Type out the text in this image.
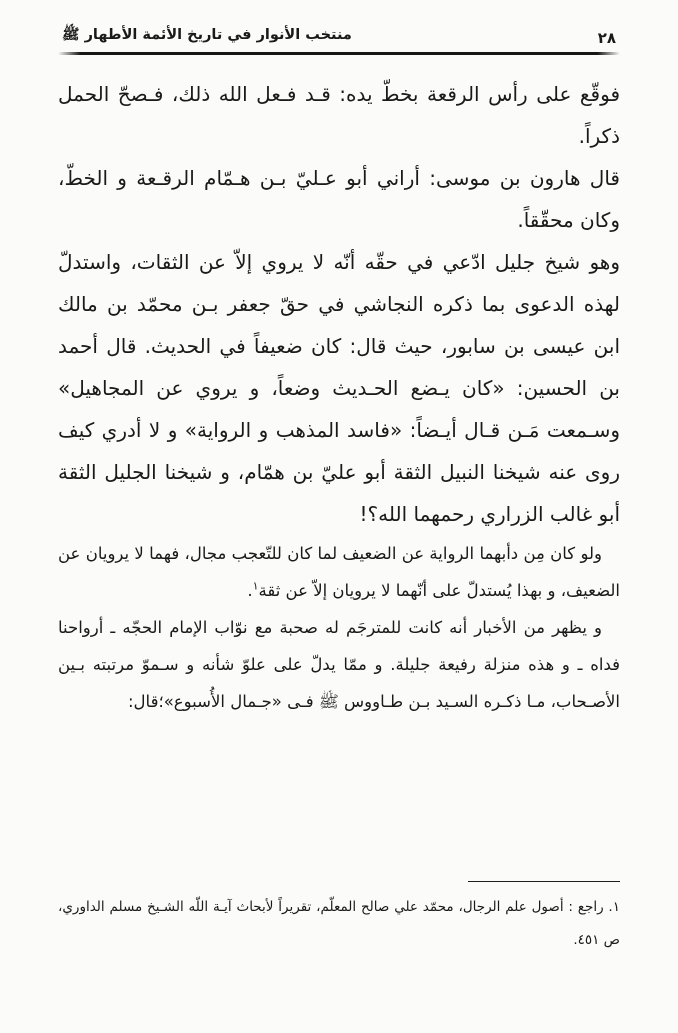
٢٨
منتخب الأنوار في تاريخ الأئمة الأطهار ﷺ

فوقّع على رأس الرقعة بخطّ يده: قـد فـعل الله ذلك، فـصحّ الحمل ذكراً.

قال هارون بن موسى: أراني أبو عـليّ بـن هـمّام الرقـعة و الخطّ، وكان محقّقاً.

وهو شيخ جليل ادّعي في حقّه أنّه لا يروي إلاّ عن الثقات، واستدلّ لهذه الدعوى بما ذكره النجاشي في حقّ جعفر بـن محمّد بن مالك ابن عيسى بن سابور، حيث قال: كان ضعيفاً في الحديث. قال أحمد بن الحسين: «كان يـضع الحـديث وضعاً، و يروي عن المجاهيل» وسـمعت مَـن قـال أيـضاً: «فاسد المذهب و الرواية» و لا أدري كيف روى عنه شيخنا النبيل الثقة أبو عليّ بن همّام، و شيخنا الجليل الثقة أبو غالب الزراري رحمهما الله؟!

ولو كان مِن دأبهما الرواية عن الضعيف لما كان للتّعجب مجال، فهما لا يرويان عن الضعيف، و بهذا يُستدلّ على أنّهما لا يرويان إلاّ عن ثقة$^١$.

و يظهر من الأخبار أنه كانت للمترجَم له صحبة مع نوّاب الإمام الحجّه ـ أرواحنا فداه ـ و هذه منزلة رفيعة جليلة. و ممّا يدلّ على علوّ شأنه و سـموّ مرتبته بـين الأصـحاب، مـا ذكـره السـيد بـن طـاووس ﷺ فـى «جـمال الأُسبوع»؛قال:

١. راجع : أصول علم الرجال، محمّد علي صالح المعلّم، تقريراً لأبحاث آيـة اللّه الشـيخ مسلم الداوري، ص ٤٥١.
